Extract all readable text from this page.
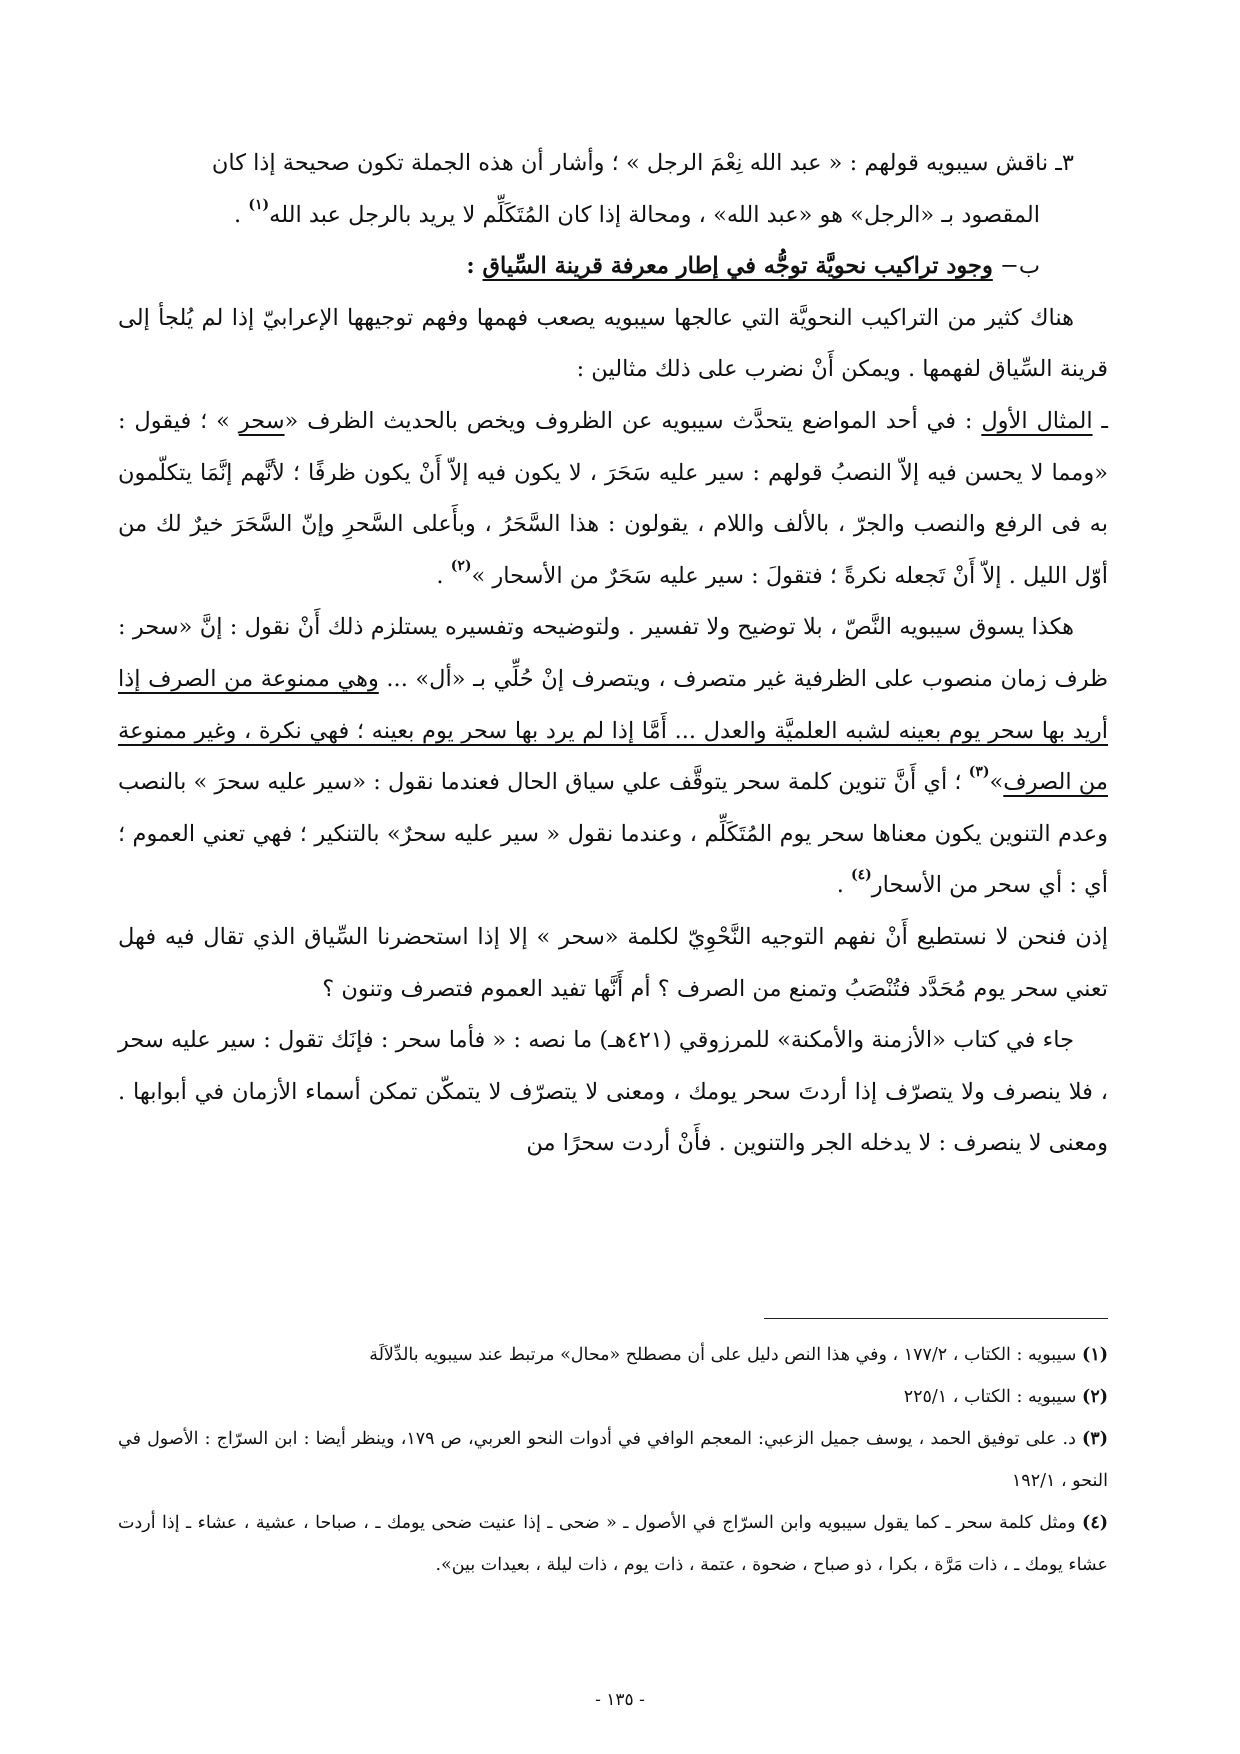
٣ـ ناقش سيبويه قولهم : « عبد الله نِعْمَ الرجل » ؛ وأشار أن هذه الجملة تكون صحيحة إذا كان

المقصود بـ «الرجل» هو «عبد الله» ، ومحالة إذا كان المُتَكَلِّم لا يريد بالرجل عبد الله$^{(١)}$ .

ب− وجود تراكيب نحويَّة توجُّه في إطار معرفة قرينة السِّياق :

هناك كثير من التراكيب النحويَّة التي عالجها سيبويه يصعب فهمها وفهم توجيهها الإعرابيّ إذا لم يُلجأ إلى قرينة السِّياق لفهمها . ويمكن أَنْ نضرب على ذلك مثالين :

ـ المثال الأول : في أحد المواضع يتحدَّث سيبويه عن الظروف ويخص بالحديث الظرف «سحر » ؛ فيقول : «ومما لا يحسن فيه إلاّ النصبُ قولهم : سير عليه سَحَرَ ، لا يكون فيه إلاّ أَنْ يكون ظرفًا ؛ لأنَّهم إنَّمَا يتكلّمون به فى الرفع والنصب والجرّ ، بالألف واللام ، يقولون : هذا السَّحَرُ ، وبأَعلى السَّحرِ وإنّ السَّحَرَ خيرٌ لك من أوّل الليل . إلاّ أَنْ تَجعله نكرةً ؛ فتقولَ : سير عليه سَحَرٌ من الأسحار »$^{(٢)}$ .

هكذا يسوق سيبويه النَّصّ ، بلا توضيح ولا تفسير . ولتوضيحه وتفسيره يستلزم ذلك أَنْ نقول : إنَّ «سحر : ظرف زمان منصوب على الظرفية غير متصرف ، ويتصرف إنْ حُلِّي بـ «أل» ... وهي ممنوعة من الصرف إذا أريد بها سحر يوم بعينه لشبه العلميَّة والعدل ... أَمَّا إذا لم يرد بها سحر يوم بعينه ؛ فهي نكرة ، وغير ممنوعة من الصرف»$^{(٣)}$ ؛ أي أَنَّ تنوين كلمة سحر يتوقَّف علي سياق الحال فعندما نقول : «سير عليه سحرَ » بالنصب وعدم التنوين يكون معناها سحر يوم المُتَكَلِّم ، وعندما نقول « سير عليه سحرٌ» بالتنكير ؛ فهي تعني العموم ؛ أي : أي سحر من الأسحار$^{(٤)}$ .

إذن فنحن لا نستطيع أَنْ نفهم التوجيه النَّحْوِيّ لكلمة «سحر » إلا إذا استحضرنا السِّياق الذي تقال فيه فهل تعني سحر يوم مُحَدَّد فتُنْصَبُ وتمنع من الصرف ؟ أم أَنَّها تفيد العموم فتصرف وتنون ؟

جاء في كتاب «الأزمنة والأمكنة» للمرزوقي (٤٢١هـ) ما نصه : « فأما سحر : فإنَك تقول : سير عليه سحر ، فلا ينصرف ولا يتصرّف إذا أردتَ سحر يومك ، ومعنى لا يتصرّف لا يتمكّن تمكن أسماء الأزمان في أبوابها . ومعنى لا ينصرف : لا يدخله الجر والتنوين . فأَنْ أردت سحرًا من

(١) سيبويه : الكتاب ، ١٧٧/٢ ، وفي هذا النص دليل على أن مصطلح «محال» مرتبط عند سيبويه بالدِّلاَلَة

(٢) سيبويه : الكتاب ، ٢٢٥/١

(٣) د. على توفيق الحمد ، يوسف جميل الزعبي: المعجم الوافي في أدوات النحو العربي، ص ١٧٩، وينظر أيضا : ابن السرّاج : الأصول في النحو ، ١٩٢/١

(٤) ومثل كلمة سحر ـ كما يقول سيبويه وابن السرّاج في الأصول ـ « ضحى ـ إذا عنيت ضحى يومك ـ ، صباحا ، عشية ، عشاء ـ إذا أردت عشاء يومك ـ ، ذات مَرَّة ، بكرا ، ذو صباح ، ضحوة ، عتمة ، ذات يوم ، ذات ليلة ، بعيدات بين».

- ١٣٥ -
